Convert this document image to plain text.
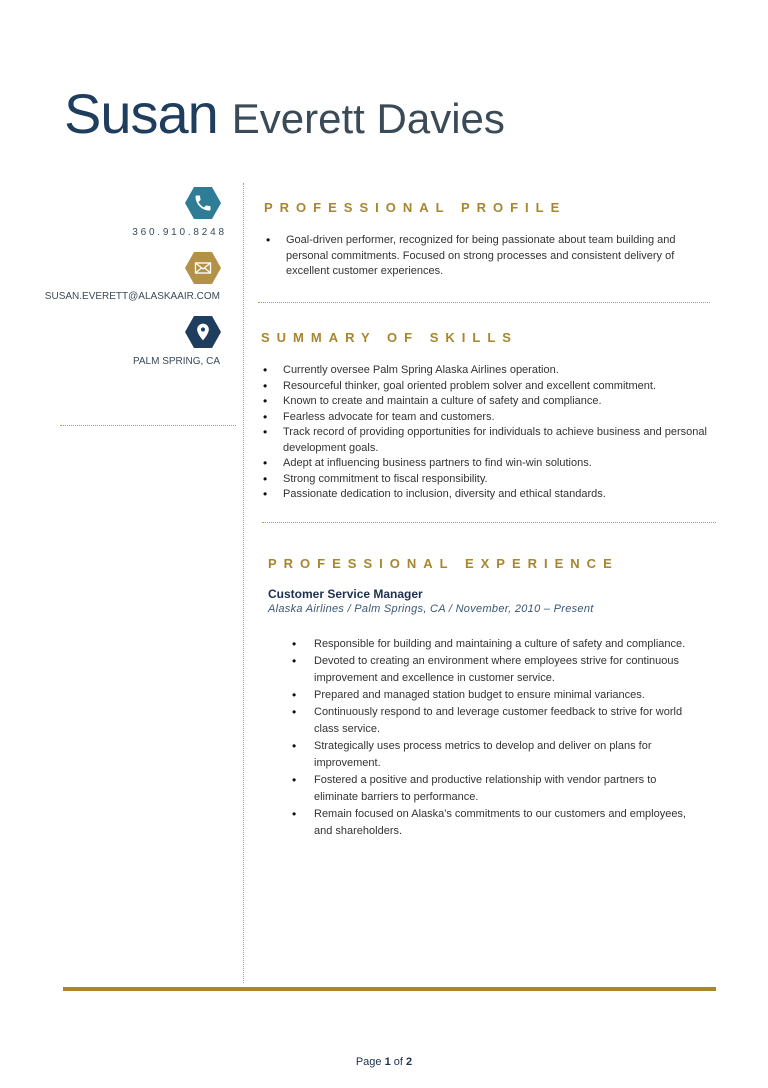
Susan Everett Davies
3 6 0 . 9 1 0 . 8 2 4 8
SUSAN.EVERETT@ALASKAAIR.COM
PALM SPRING, CA
PROFESSIONAL PROFILE
• Goal-driven performer, recognized for being passionate about team building and personal commitments. Focused on strong processes and consistent delivery of excellent customer experiences.
SUMMARY OF SKILLS
• Currently oversee Palm Spring Alaska Airlines operation.
• Resourceful thinker, goal oriented problem solver and excellent commitment.
• Known to create and maintain a culture of safety and compliance.
• Fearless advocate for team and customers.
• Track record of providing opportunities for individuals to achieve business and personal development goals.
• Adept at influencing business partners to find win-win solutions.
• Strong commitment to fiscal responsibility.
• Passionate dedication to inclusion, diversity and ethical standards.
PROFESSIONAL EXPERIENCE
Customer Service Manager
Alaska Airlines / Palm Springs, CA / November, 2010 – Present
• Responsible for building and maintaining a culture of safety and compliance.
• Devoted to creating an environment where employees strive for continuous improvement and excellence in customer service.
• Prepared and managed station budget to ensure minimal variances.
• Continuously respond to and leverage customer feedback to strive for world class service.
• Strategically uses process metrics to develop and deliver on plans for improvement.
• Fostered a positive and productive relationship with vendor partners to eliminate barriers to performance.
• Remain focused on Alaska's commitments to our customers and employees, and shareholders.
Page 1 of 2
